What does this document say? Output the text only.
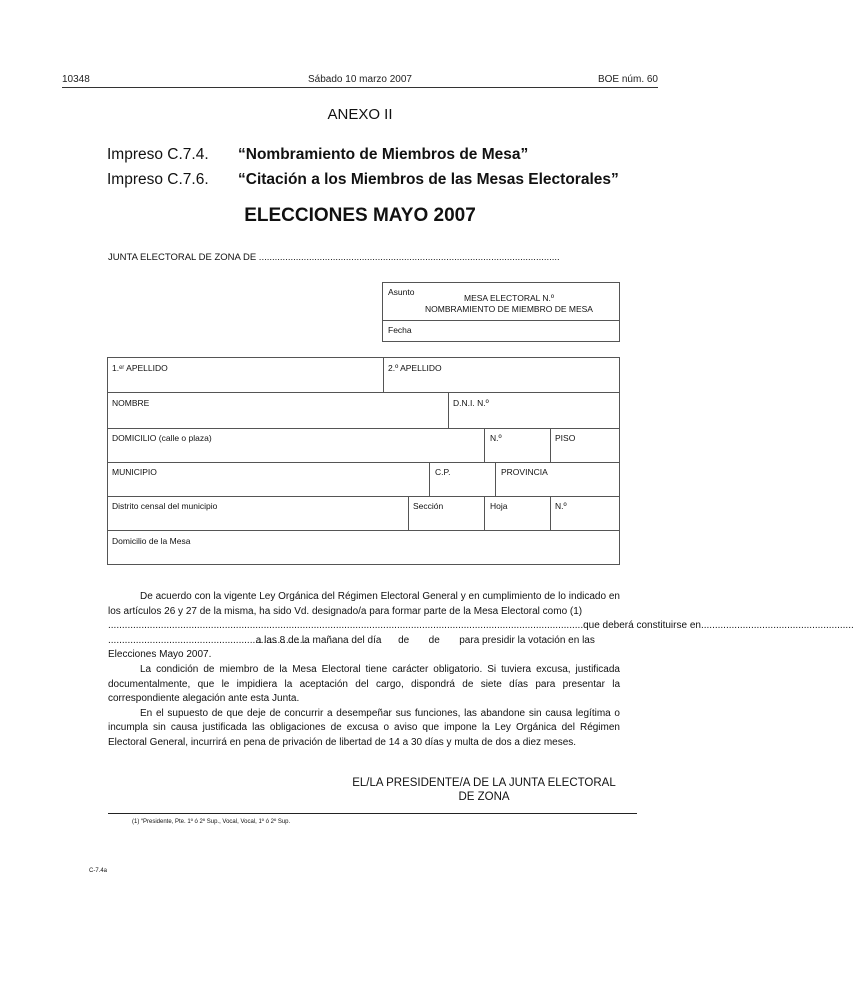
10348	Sábado 10 marzo 2007	BOE núm. 60
ANEXO II
Impreso C.7.4. “Nombramiento de Miembros de Mesa”
Impreso C.7.6. “Citación a los Miembros de las Mesas Electorales”
ELECCIONES MAYO 2007
JUNTA ELECTORAL DE ZONA DE ..................................................................................................................
Asunto
MESA ELECTORAL N.º
NOMBRAMIENTO DE MIEMBRO DE MESA
Fecha
1.ᵉʳ APELLIDO	2.º APELLIDO
NOMBRE	D.N.I. N.º
DOMICILIO (calle o plaza)	N.º	PISO
MUNICIPIO	C.P.	PROVINCIA
Distrito censal del municipio	Sección	Hoja	N.º
Domicilio de la Mesa

De acuerdo con la vigente Ley Orgánica del Régimen Electoral General y en cumplimiento de lo indicado en los artículos 26 y 27 de la misma, ha sido Vd. designado/a para formar parte de la Mesa Electoral como (1)

........................................................................................................................................................................... que deberá constituirse en .......................................................
........................................................................
a las 8 de la mañana del día      de       de       para presidir la votación en las

Elecciones Mayo 2007.

La condición de miembro de la Mesa Electoral tiene carácter obligatorio. Si tuviera excusa, justificada documentalmente, que le impidiera la aceptación del cargo, dispondrá de siete días para presentar la correspondiente alegación ante esta Junta.

En el supuesto de que deje de concurrir a desempeñar sus funciones, las abandone sin causa legítima o incumpla sin causa justificada las obligaciones de excusa o aviso que impone la Ley Orgánica del Régimen Electoral General, incurrirá en pena de privación de libertad de 14 a 30 días y multa de dos a diez meses.

EL/LA PRESIDENTE/A DE LA JUNTA ELECTORAL
DE ZONA
(1) “Presidente, Pte. 1º ó 2º Sup., Vocal, Vocal, 1º ó 2º Sup.
C-7.4a
